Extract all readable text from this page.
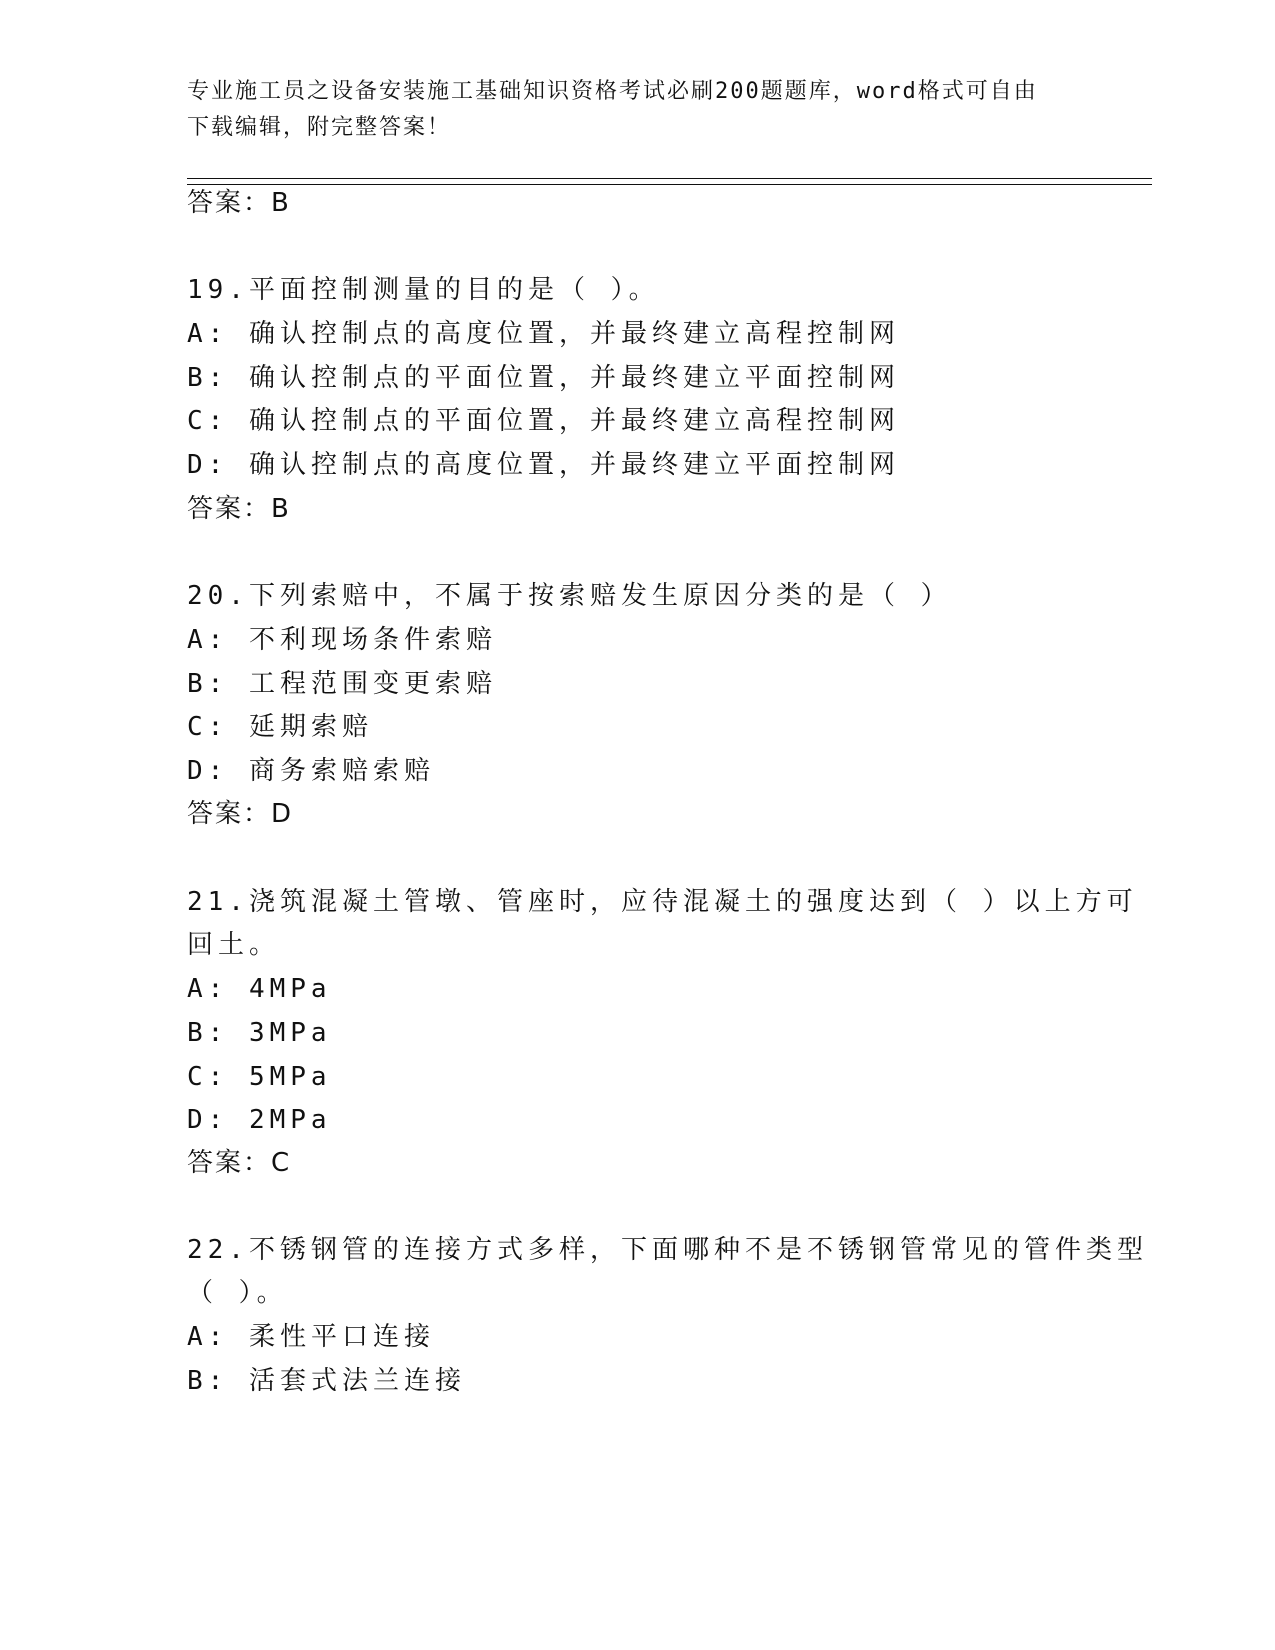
专业施工员之设备安装施工基础知识资格考试必刷200题题库，word格式可自由
下载编辑，附完整答案！
答案：B
19.平面控制测量的目的是（ ）。
A: 确认控制点的高度位置，并最终建立高程控制网
B: 确认控制点的平面位置，并最终建立平面控制网
C: 确认控制点的平面位置，并最终建立高程控制网
D: 确认控制点的高度位置，并最终建立平面控制网
答案：B
20.下列索赔中，不属于按索赔发生原因分类的是（ ）
A: 不利现场条件索赔
B: 工程范围变更索赔
C: 延期索赔
D: 商务索赔索赔
答案：D
21.浇筑混凝土管墩、管座时，应待混凝土的强度达到（ ）以上方可
回土。
A: 4MPa
B: 3MPa
C: 5MPa
D: 2MPa
答案：C
22.不锈钢管的连接方式多样，下面哪种不是不锈钢管常见的管件类型
（ ）。
A: 柔性平口连接
B: 活套式法兰连接
